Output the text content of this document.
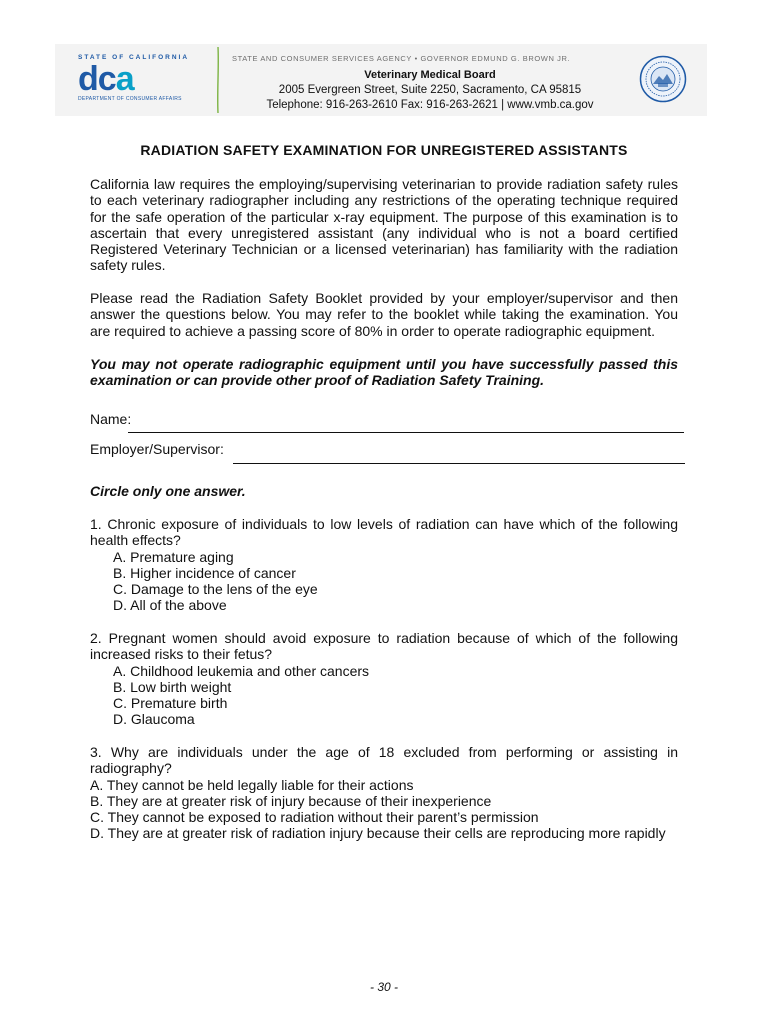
STATE OF CALIFORNIA
dca
DEPARTMENT OF CONSUMER AFFAIRS
STATE AND CONSUMER SERVICES AGENCY • GOVERNOR EDMUND G. BROWN JR.
Veterinary Medical Board
2005 Evergreen Street, Suite 2250, Sacramento, CA 95815
Telephone: 916-263-2610 Fax: 916-263-2621 | www.vmb.ca.gov
RADIATION SAFETY EXAMINATION FOR UNREGISTERED ASSISTANTS
California law requires the employing/supervising veterinarian to provide radiation safety rules to each veterinary radiographer including any restrictions of the operating technique required for the safe operation of the particular x-ray equipment. The purpose of this examination is to ascertain that every unregistered assistant (any individual who is not a board certified Registered Veterinary Technician or a licensed veterinarian) has familiarity with the radiation safety rules.
Please read the Radiation Safety Booklet provided by your employer/supervisor and then answer the questions below. You may refer to the booklet while taking the examination. You are required to achieve a passing score of 80% in order to operate radiographic equipment.
You may not operate radiographic equipment until you have successfully passed this examination or can provide other proof of Radiation Safety Training.
Name:
Employer/Supervisor:
Circle only one answer.
1. Chronic exposure of individuals to low levels of radiation can have which of the following health effects?
A. Premature aging
B. Higher incidence of cancer
C. Damage to the lens of the eye
D. All of the above
2. Pregnant women should avoid exposure to radiation because of which of the following increased risks to their fetus?
A. Childhood leukemia and other cancers
B. Low birth weight
C. Premature birth
D. Glaucoma
3. Why are individuals under the age of 18 excluded from performing or assisting in radiography?
A. They cannot be held legally liable for their actions
B. They are at greater risk of injury because of their inexperience
C. They cannot be exposed to radiation without their parent’s permission
D. They are at greater risk of radiation injury because their cells are reproducing more rapidly
- 30 -
